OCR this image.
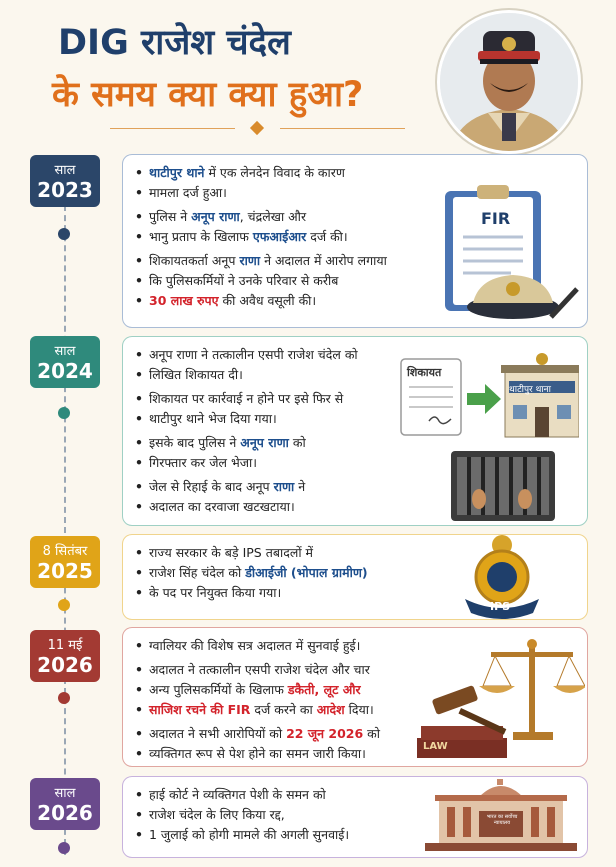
DIG राजेश चंदेल
के समय क्या क्या हुआ?
साल
2023
• थाटीपुर थाने में एक लेनदेन विवाद के कारण
• मामला दर्ज हुआ।
• पुलिस ने अनूप राणा, चंद्रलेखा और
• भानु प्रताप के खिलाफ एफआईआर दर्ज की।
• शिकायतकर्ता अनूप राणा ने अदालत में आरोप लगाया
• कि पुलिसकर्मियों ने उनके परिवार से करीब
• 30 लाख रुपए की अवैध वसूली की।
FIR
साल
2024
• अनूप राणा ने तत्कालीन एसपी राजेश चंदेल को
• लिखित शिकायत दी।
• शिकायत पर कार्रवाई न होने पर इसे फिर से
• थाटीपुर थाने भेज दिया गया।
• इसके बाद पुलिस ने अनूप राणा को
• गिरफ्तार कर जेल भेजा।
• जेल से रिहाई के बाद अनूप राणा ने
• अदालत का दरवाजा खटखटाया।
शिकायत
थाटीपुर थाना
8 सितंबर
2025
• राज्य सरकार के बड़े IPS तबादलों में
• राजेश सिंह चंदेल को डीआईजी (भोपाल ग्रामीण)
• के पद पर नियुक्त किया गया।
IPS
11 मई
2026
• ग्वालियर की विशेष सत्र अदालत में सुनवाई हुई।
• अदालत ने तत्कालीन एसपी राजेश चंदेल और चार
• अन्य पुलिसकर्मियों के खिलाफ डकैती, लूट और
• साजिश रचने की FIR दर्ज करने का आदेश दिया।
• अदालत ने सभी आरोपियों को 22 जून 2026 को
• व्यक्तिगत रूप से पेश होने का समन जारी किया।	LAW
साल
2026
• हाई कोर्ट ने व्यक्तिगत पेशी के समन को
• राजेश चंदेल के लिए किया रद्द,
• 1 जुलाई को होगी मामले की अगली सुनवाई।
भारत का सर्वोच्च न्यायालय
